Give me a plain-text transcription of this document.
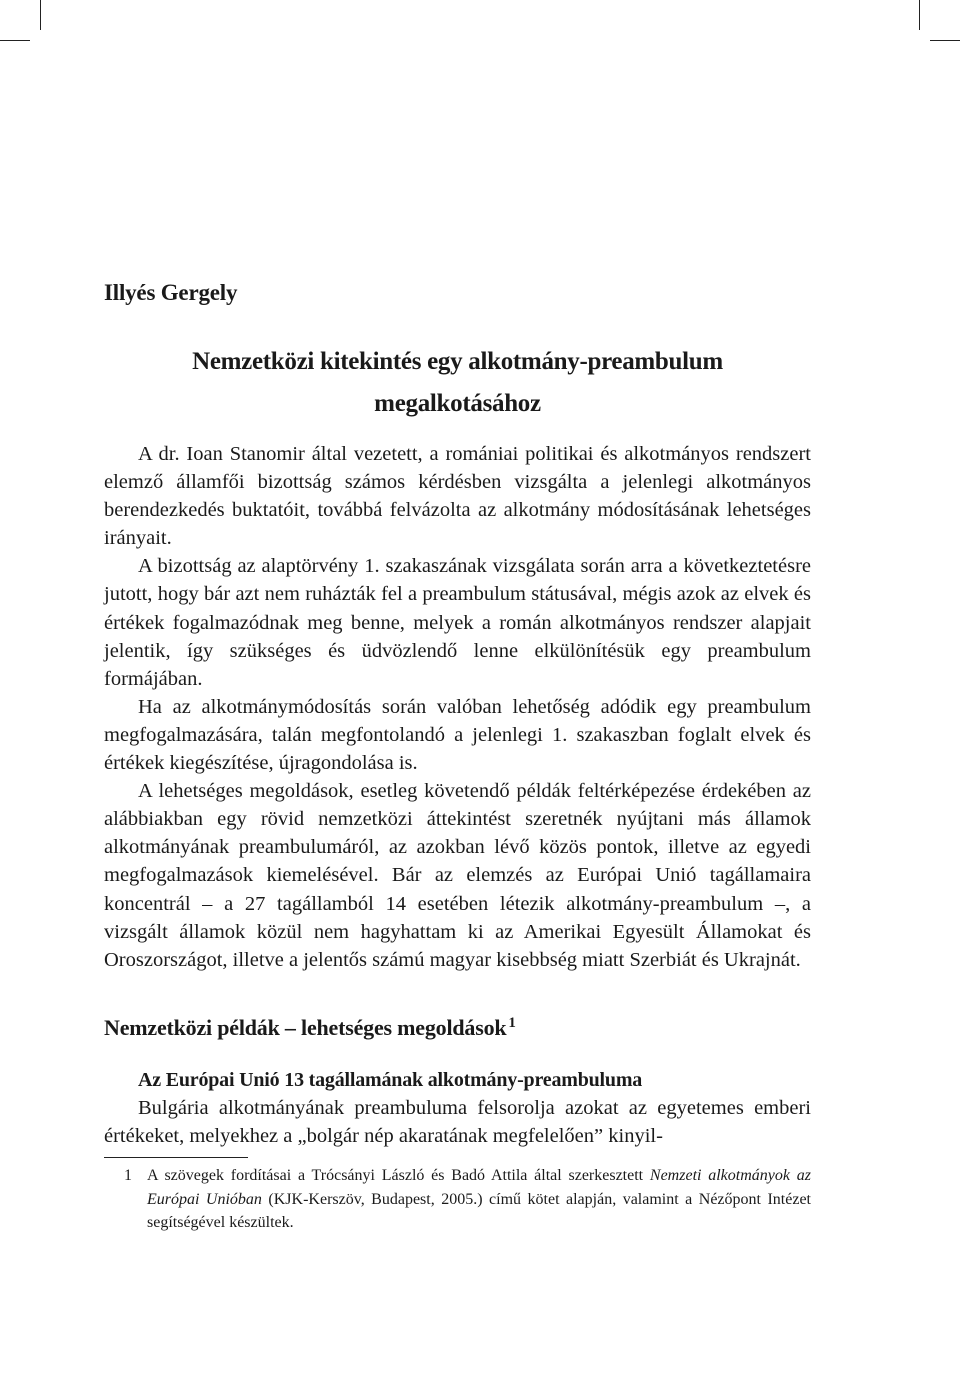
Illyés Gergely
Nemzetközi kitekintés egy alkotmány-preambulum
megalkotásához

A dr. Ioan Stanomir által vezetett, a romániai politikai és alkotmányos rendszert elemző államfői bizottság számos kérdésben vizsgálta a jelenlegi alkotmányos berendezkedés buktatóit, továbbá felvázolta az alkotmány módosításának lehetséges irányait.

A bizottság az alaptörvény 1. szakaszának vizsgálata során arra a következtetésre jutott, hogy bár azt nem ruházták fel a preambulum státusával, mégis azok az elvek és értékek fogalmazódnak meg benne, melyek a román alkotmányos rendszer alapjait jelentik, így szükséges és üdvözlendő lenne elkülönítésük egy preambulum formájában.

Ha az alkotmánymódosítás során valóban lehetőség adódik egy preambulum megfogalmazására, talán megfontolandó a jelenlegi 1. szakaszban foglalt elvek és értékek kiegészítése, újragondolása is.

A lehetséges megoldások, esetleg követendő példák feltérképezése érdekében az alábbiakban egy rövid nemzetközi áttekintést szeretnék nyújtani más államok alkotmányának preambulumáról, az azokban lévő közös pontok, illetve az egyedi megfogalmazások kiemelésével. Bár az elemzés az Európai Unió tagállamaira koncentrál – a 27 tagállamból 14 esetében létezik alkotmány-preambulum –, a vizsgált államok közül nem hagyhattam ki az Amerikai Egyesült Államokat és Oroszországot, illetve a jelentős számú magyar kisebbség miatt Szerbiát és Ukrajnát.

Nemzetközi példák – lehetséges megoldások $^1$
Az Európai Unió 13 tagállamának alkotmány-preambuluma

Bulgária alkotmányának preambuluma felsorolja azokat az egyetemes emberi értékeket, melyekhez a „bolgár nép akaratának megfelelően” kinyil-

1 A szövegek fordításai a Trócsányi László és Badó Attila által szerkesztett Nemzeti alkotmányok az Európai Unióban (KJK-Kerszöv, Budapest, 2005.) című kötet alapján, valamint a Nézőpont Intézet segítségével készültek.
